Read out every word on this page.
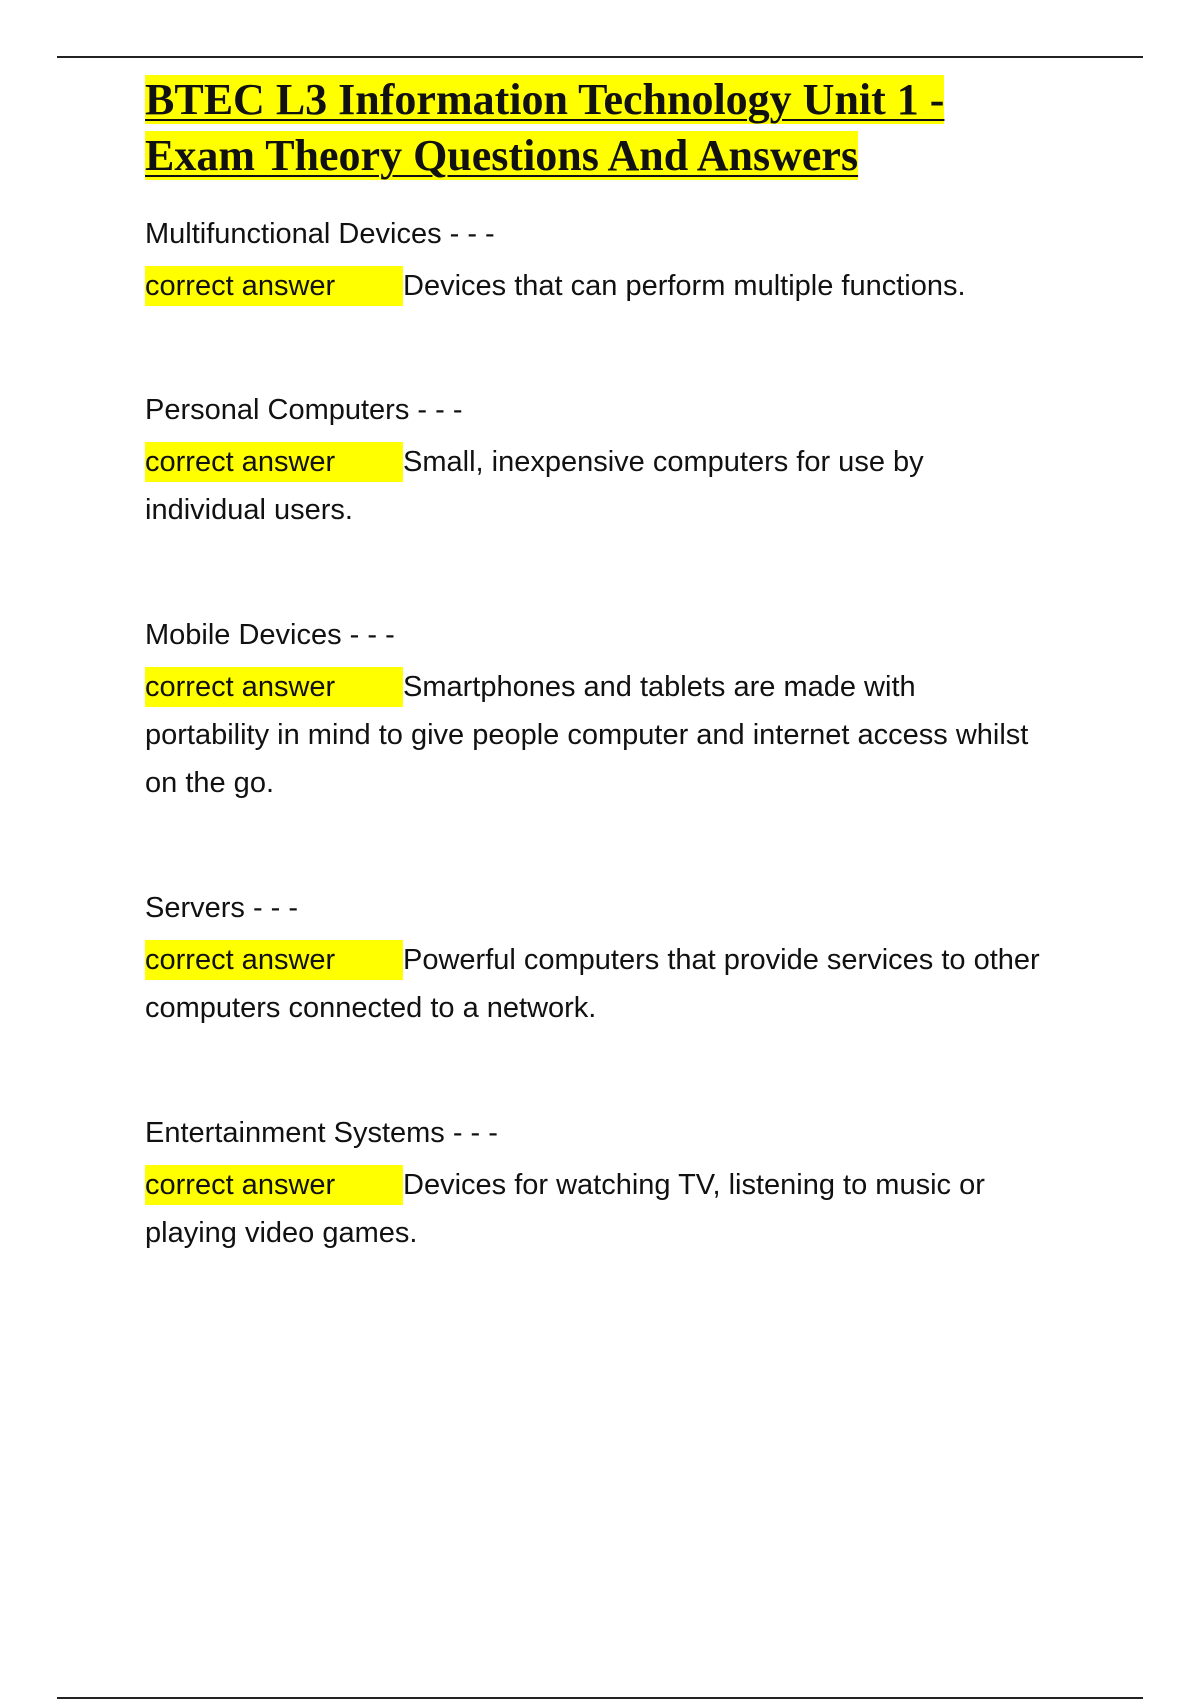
BTEC L3 Information Technology Unit 1 -
Exam Theory Questions And Answers

Multifunctional Devices - - -

correct answer Devices that can perform multiple functions.

Personal Computers - - -

correct answer Small, inexpensive computers for use by individual users.

Mobile Devices - - -

correct answer Smartphones and tablets are made with portability in mind to give people computer and internet access whilst on the go.

Servers - - -

correct answer Powerful computers that provide services to other computers connected to a network.

Entertainment Systems - - -

correct answer Devices for watching TV, listening to music or playing video games.
